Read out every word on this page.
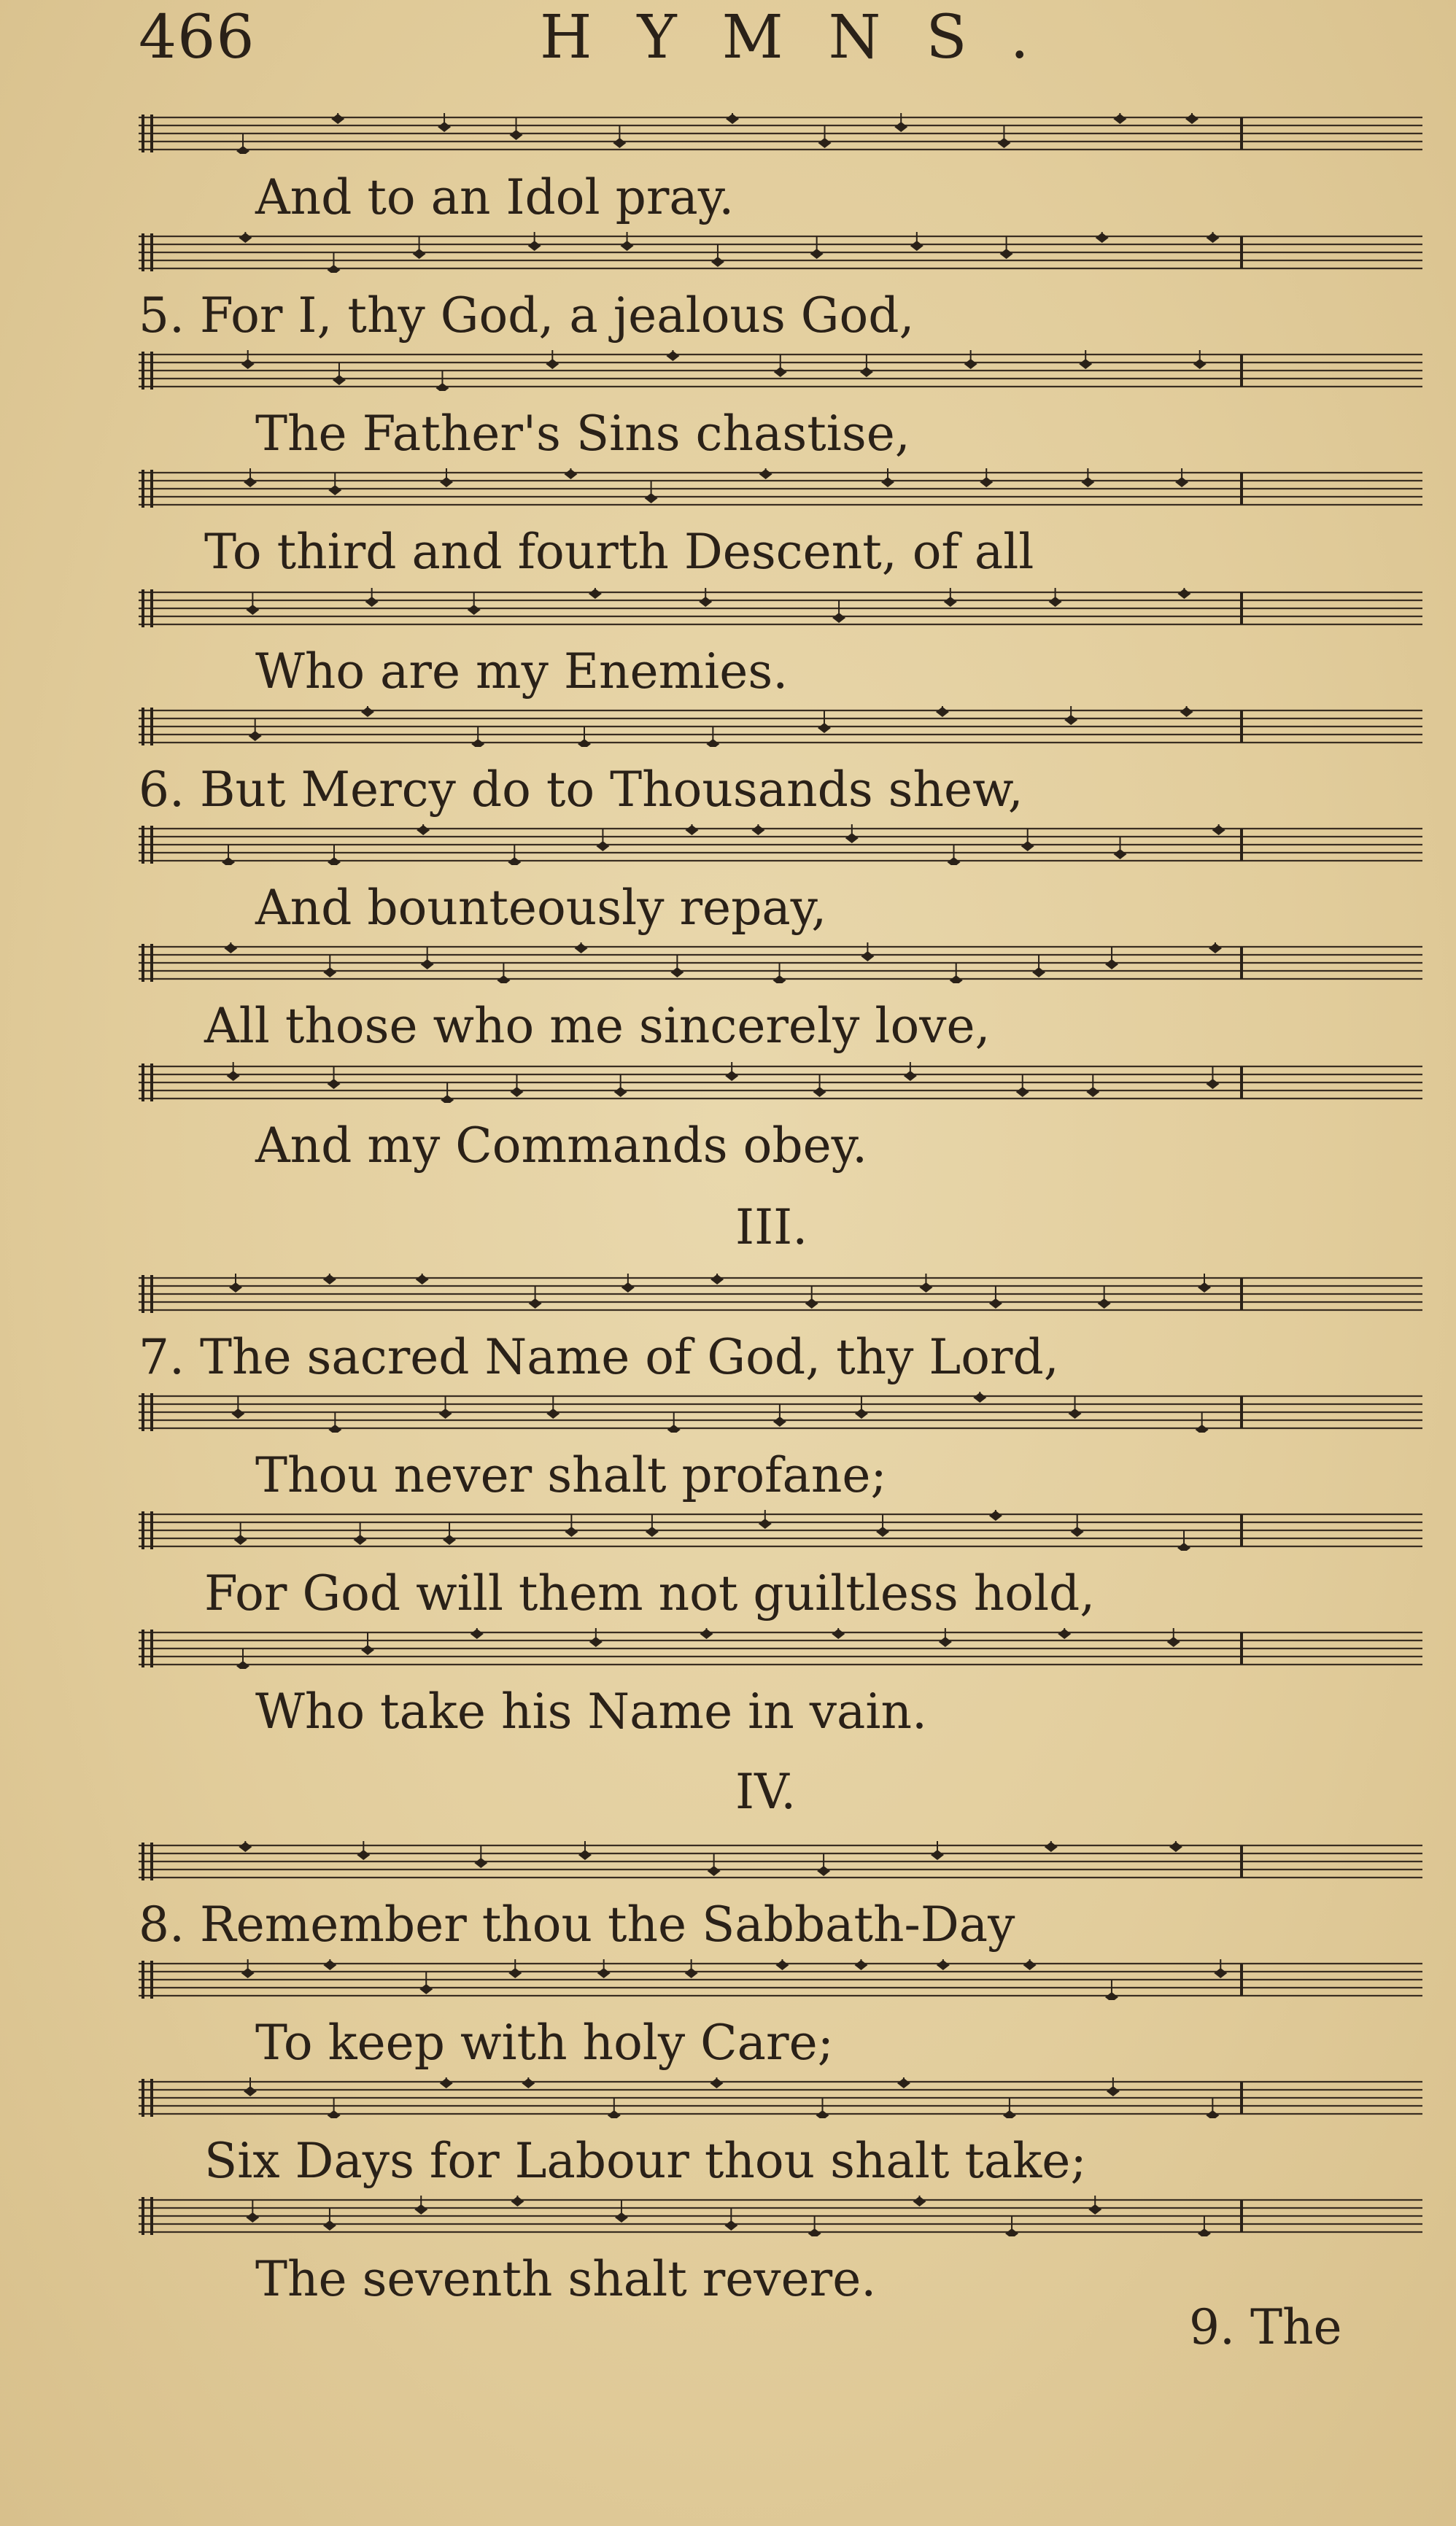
466	HYMNS.
And to an Idol pray.
5. For I, thy God, a jealous God,
The Father's Sins chastise,
To third and fourth Descent, of all
Who are my Enemies.
6. But Mercy do to Thousands shew,
And bounteously repay,
All those who me sincerely love,
And my Commands obey.
III.
7. The sacred Name of God, thy Lord,
Thou never shalt profane;
For God will them not guiltless hold,
Who take his Name in vain.
IV.
8. Remember thou the Sabbath-Day
To keep with holy Care;
Six Days for Labour thou shalt take;
The seventh shalt revere.
9. The
